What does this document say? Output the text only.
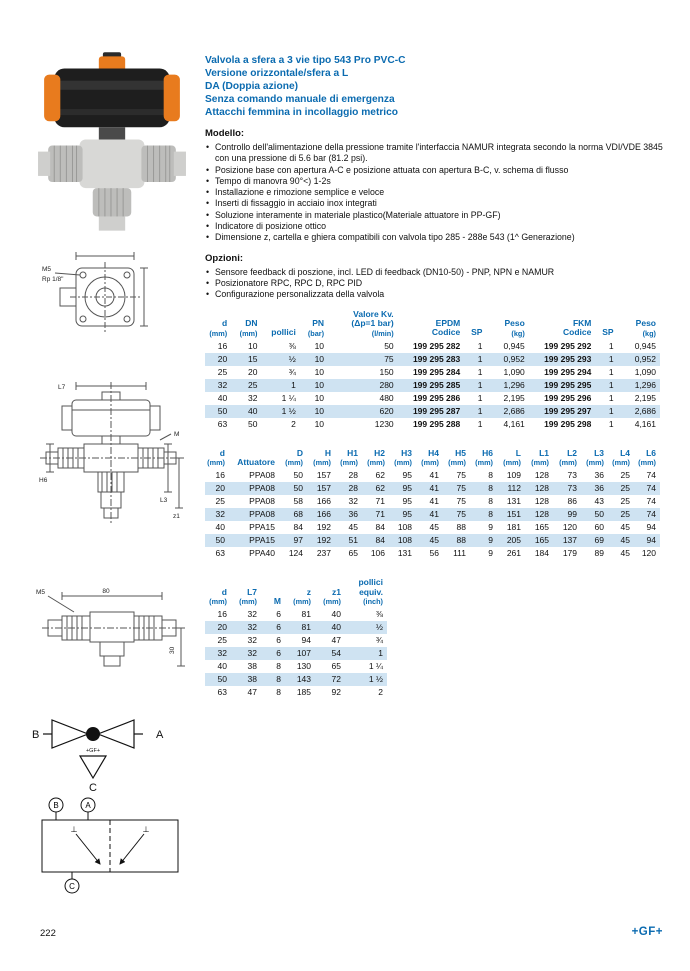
M5
Rp 1/8"
L7
H6
M
L3
z1
M5	80
30
B	A
+GF+
C
B	A
C
⊥	⊥
Valvola a sfera a 3 vie tipo 543 Pro PVC-C
Versione orizzontale/sfera a L
DA (Doppia azione)
Senza comando manuale di emergenza
Attacchi femmina in incollaggio metrico
Modello:
• Controllo dell'alimentazione della pressione tramite l'interfaccia NAMUR integrata secondo la norma VDI/VDE 3845 con una pressione di 5.6 bar (81.2 psi).
• Posizione base con apertura A-C e posizione attuata con apertura B-C, v. schema di flusso
• Tempo di manovra 90°<) 1-2s
• Installazione e rimozione semplice e veloce
• Inserti di fissaggio in acciaio inox integrati
• Soluzione interamente in materiale plastico(Materiale attuatore in PP-GF)
• Indicatore di posizione ottico
• Dimensione z, cartella e ghiera compatibili con valvola tipo 285 - 288e 543 (1^ Generazione)
Opzioni:
• Sensore feedback di poszione, incl. LED di feedback (DN10-50) - PNP, NPN e NAMUR
• Posizionatore RPC, RPC D, RPC PID
• Configurazione personalizzata della valvola
d
(mm)

DN
(mm)	pollici

PN
(bar)

Valore Kv.
(Δp=1 bar)
(l/min)

EPDM
Codice	SP

Peso
(kg)

FKM
Codice	SP

Peso
(kg)

16	10	⅜	10	50	199 295 282	1	0,945	199 295 292	1	0,945
20	15	½	10	75	199 295 283	1	0,952	199 295 293	1	0,952
25	20	¾	10	150	199 295 284	1	1,090	199 295 294	1	1,090
32	25	1	10	280	199 295 285	1	1,296	199 295 295	1	1,296
40	32	1 ¼	10	480	199 295 286	1	2,195	199 295 296	1	2,195
50	40	1 ½	10	620	199 295 287	1	2,686	199 295 297	1	2,686
63	50	2	10	1230	199 295 288	1	4,161	199 295 298	1	4,161
d
(mm)	Attuatore

D
(mm)

H
(mm)

H1
(mm)

H2
(mm)

H3
(mm)

H4
(mm)

H5
(mm)

H6
(mm)

L
(mm)

L1
(mm)

L2
(mm)

L3
(mm)

L4
(mm)

L6
(mm)

16	PPA08	50	157	28	62	95	41	75	8	109	128	73	36	25	74
20	PPA08	50	157	28	62	95	41	75	8	112	128	73	36	25	74
25	PPA08	58	166	32	71	95	41	75	8	131	128	86	43	25	74
32	PPA08	68	166	36	71	95	41	75	8	151	128	99	50	25	74
40	PPA15	84	192	45	84	108	45	88	9	181	165	120	60	45	94
50	PPA15	97	192	51	84	108	45	88	9	205	165	137	69	45	94
63	PPA40	124	237	65	106	131	56	111	9	261	184	179	89	45	120
d
(mm)

L7
(mm)	M

z
(mm)

z1
(mm)

pollici
equiv.
(inch)

16	32	6	81	40	⅜
20	32	6	81	40	½
25	32	6	94	47	¾
32	32	6	107	54	1
40	38	8	130	65	1 ¼
50	38	8	143	72	1 ½
63	47	8	185	92	2
222	+GF+
